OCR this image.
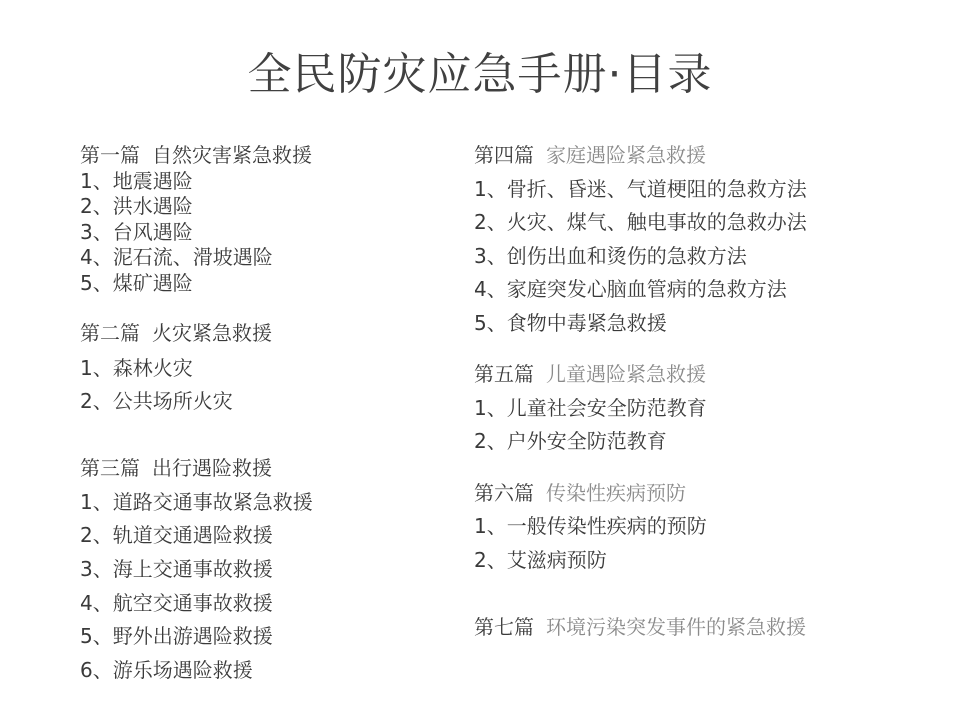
全民防灾应急手册·目录
第一篇 自然灾害紧急救援
1、地震遇险
2、洪水遇险
3、台风遇险
4、泥石流、滑坡遇险
5、煤矿遇险
第二篇 火灾紧急救援
1、森林火灾
2、公共场所火灾
第三篇 出行遇险救援
1、道路交通事故紧急救援
2、轨道交通遇险救援
3、海上交通事故救援
4、航空交通事故救援
5、野外出游遇险救援
6、游乐场遇险救援
第四篇 家庭遇险紧急救援
1、骨折、昏迷、气道梗阻的急救方法
2、火灾、煤气、触电事故的急救办法
3、创伤出血和烫伤的急救方法
4、家庭突发心脑血管病的急救方法
5、食物中毒紧急救援
第五篇 儿童遇险紧急救援
1、儿童社会安全防范教育
2、户外安全防范教育
第六篇 传染性疾病预防
1、一般传染性疾病的预防
2、艾滋病预防
第七篇 环境污染突发事件的紧急救援
